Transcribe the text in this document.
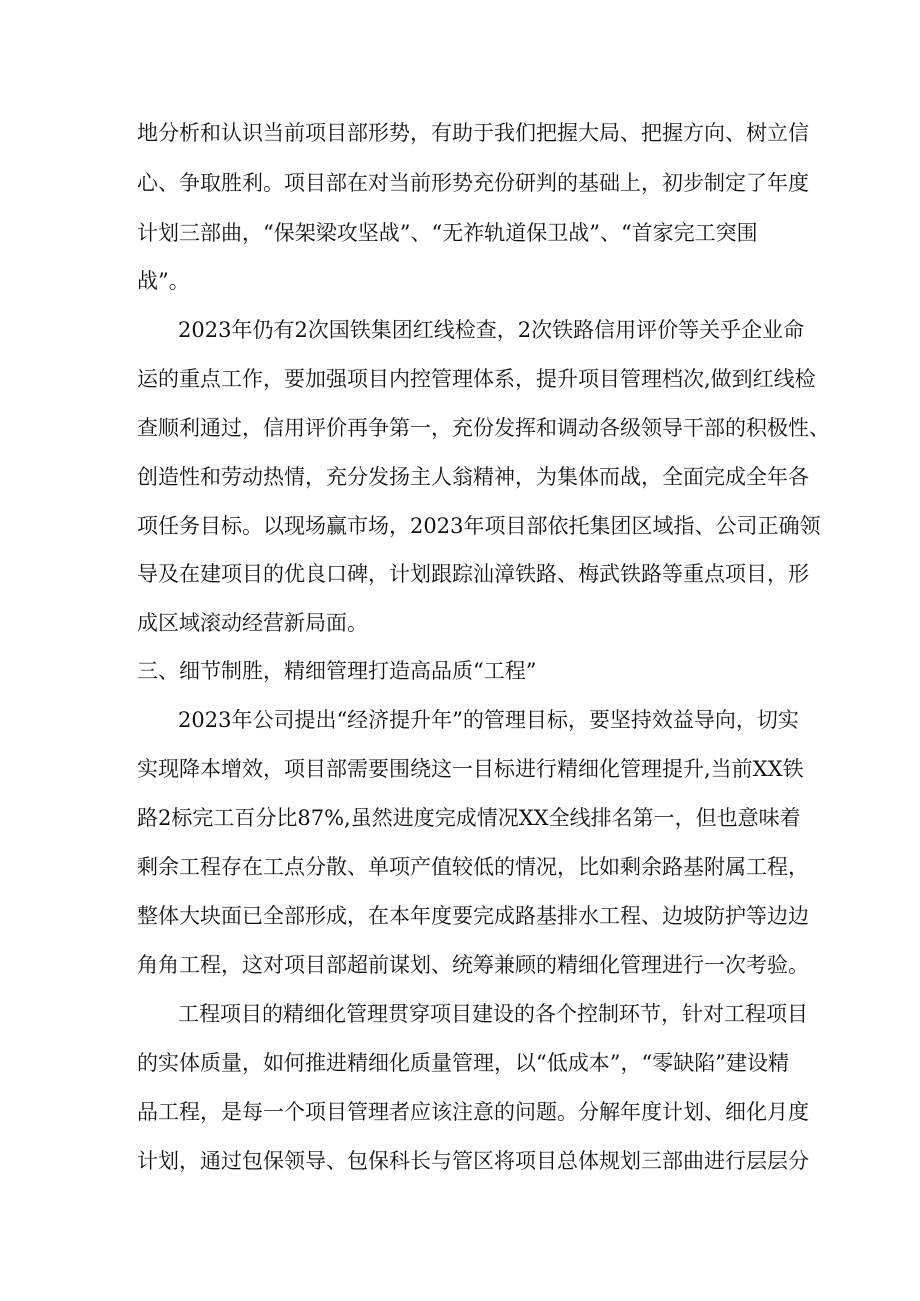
地分析和认识当前项目部形势，有助于我们把握大局、把握方向、树立信

心、争取胜利。项目部在对当前形势充份研判的基础上，初步制定了年度

计划三部曲，“保架梁攻坚战”、“无祚轨道保卫战”、“首家完工突围

战”。

2023年仍有2次国铁集团红线检查，2次铁路信用评价等关乎企业命

运的重点工作，要加强项目内控管理体系，提升项目管理档次,做到红线检

查顺利通过，信用评价再争第一，充份发挥和调动各级领导干部的积极性、

创造性和劳动热情，充分发扬主人翁精神，为集体而战，全面完成全年各

项任务目标。以现场赢市场，2023年项目部依托集团区域指、公司正确领

导及在建项目的优良口碑，计划跟踪汕漳铁路、梅武铁路等重点项目，形

成区域滚动经营新局面。

三、细节制胜，精细管理打造高品质“工程”

2023年公司提出“经济提升年”的管理目标，要坚持效益导向，切实

实现降本增效，项目部需要围绕这一目标进行精细化管理提升,当前XX铁

路2标完工百分比87%,虽然进度完成情况XX全线排名第一，但也意味着

剩余工程存在工点分散、单项产值较低的情况，比如剩余路基附属工程，

整体大块面已全部形成，在本年度要完成路基排水工程、边坡防护等边边

角角工程，这对项目部超前谋划、统筹兼顾的精细化管理进行一次考验。

工程项目的精细化管理贯穿项目建设的各个控制环节，针对工程项目

的实体质量，如何推进精细化质量管理，以“低成本”，“零缺陷”建设精

品工程，是每一个项目管理者应该注意的问题。分解年度计划、细化月度

计划，通过包保领导、包保科长与管区将项目总体规划三部曲进行层层分
